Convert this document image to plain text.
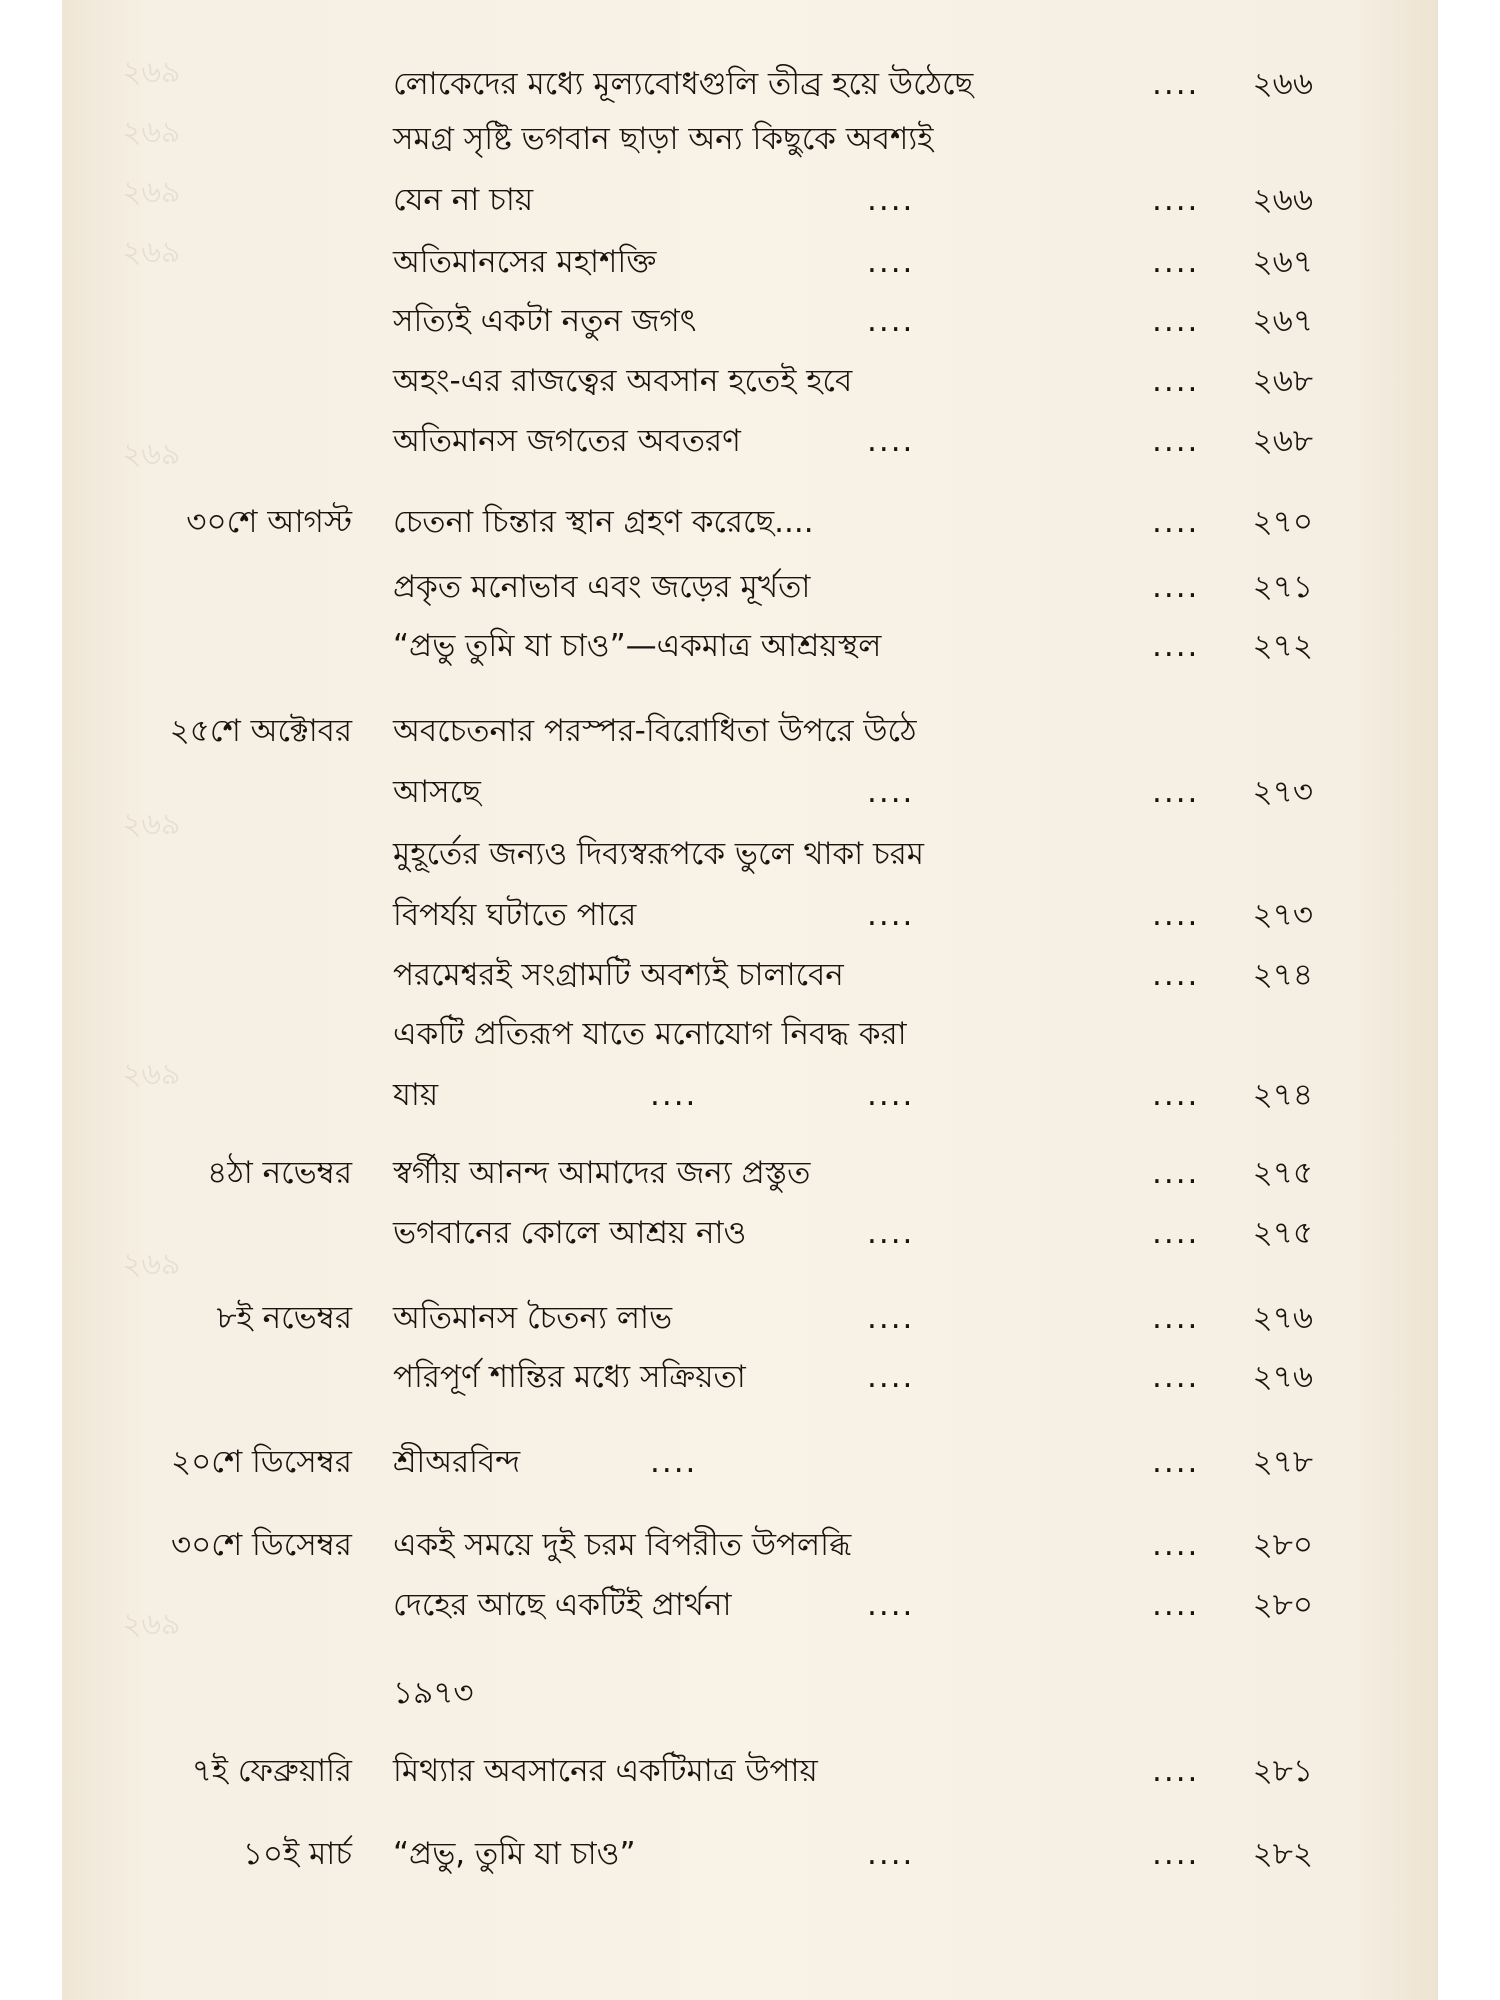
২৬৯
২৬৯
২৬৯
২৬৯
২৬৯
২৬৯
২৬৯
২৬৯
২৬৯
লোকেদের মধ্যে মূল্যবোধগুলি তীব্র হয়ে উঠেছে	.... ২৬৬
সমগ্র সৃষ্টি ভগবান ছাড়া অন্য কিছুকে অবশ্যই
যেন না চায়	....	.... ২৬৬
অতিমানসের মহাশক্তি	....	.... ২৬৭
সত্যিই একটা নতুন জগৎ	....	.... ২৬৭
অহং-এর রাজত্বের অবসান হতেই হবে	.... ২৬৮
অতিমানস জগতের অবতরণ	....	.... ২৬৮
৩০শে আগস্ট চেতনা চিন্তার স্থান গ্রহণ করেছে....	.... ২৭০
প্রকৃত মনোভাব এবং জড়ের মূর্খতা	.... ২৭১
“প্রভু তুমি যা চাও”—একমাত্র আশ্রয়স্থল	.... ২৭২
২৫শে অক্টোবর অবচেতনার পরস্পর-বিরোধিতা উপরে উঠে
আসছে	....	.... ২৭৩
মুহূর্তের জন্যও দিব্যস্বরূপকে ভুলে থাকা চরম
বিপর্যয় ঘটাতে পারে	....	.... ২৭৩
পরমেশ্বরই সংগ্রামটি অবশ্যই চালাবেন	.... ২৭৪
একটি প্রতিরূপ যাতে মনোযোগ নিবদ্ধ করা
যায়	....	....	.... ২৭৪
৪ঠা নভেম্বর স্বর্গীয় আনন্দ আমাদের জন্য প্রস্তুত	.... ২৭৫
ভগবানের কোলে আশ্রয় নাও	....	.... ২৭৫
৮ই নভেম্বর অতিমানস চৈতন্য লাভ	....	.... ২৭৬
পরিপূর্ণ শান্তির মধ্যে সক্রিয়তা	....	.... ২৭৬
২০শে ডিসেম্বর শ্রীঅরবিন্দ	....	.... ২৭৮
৩০শে ডিসেম্বর একই সময়ে দুই চরম বিপরীত উপলব্ধি	.... ২৮০
দেহের আছে একটিই প্রার্থনা	....	.... ২৮০
১৯৭৩
৭ই ফেব্রুয়ারি মিথ্যার অবসানের একটিমাত্র উপায়	.... ২৮১
১০ই মার্চ “প্রভু, তুমি যা চাও”	....	.... ২৮২
